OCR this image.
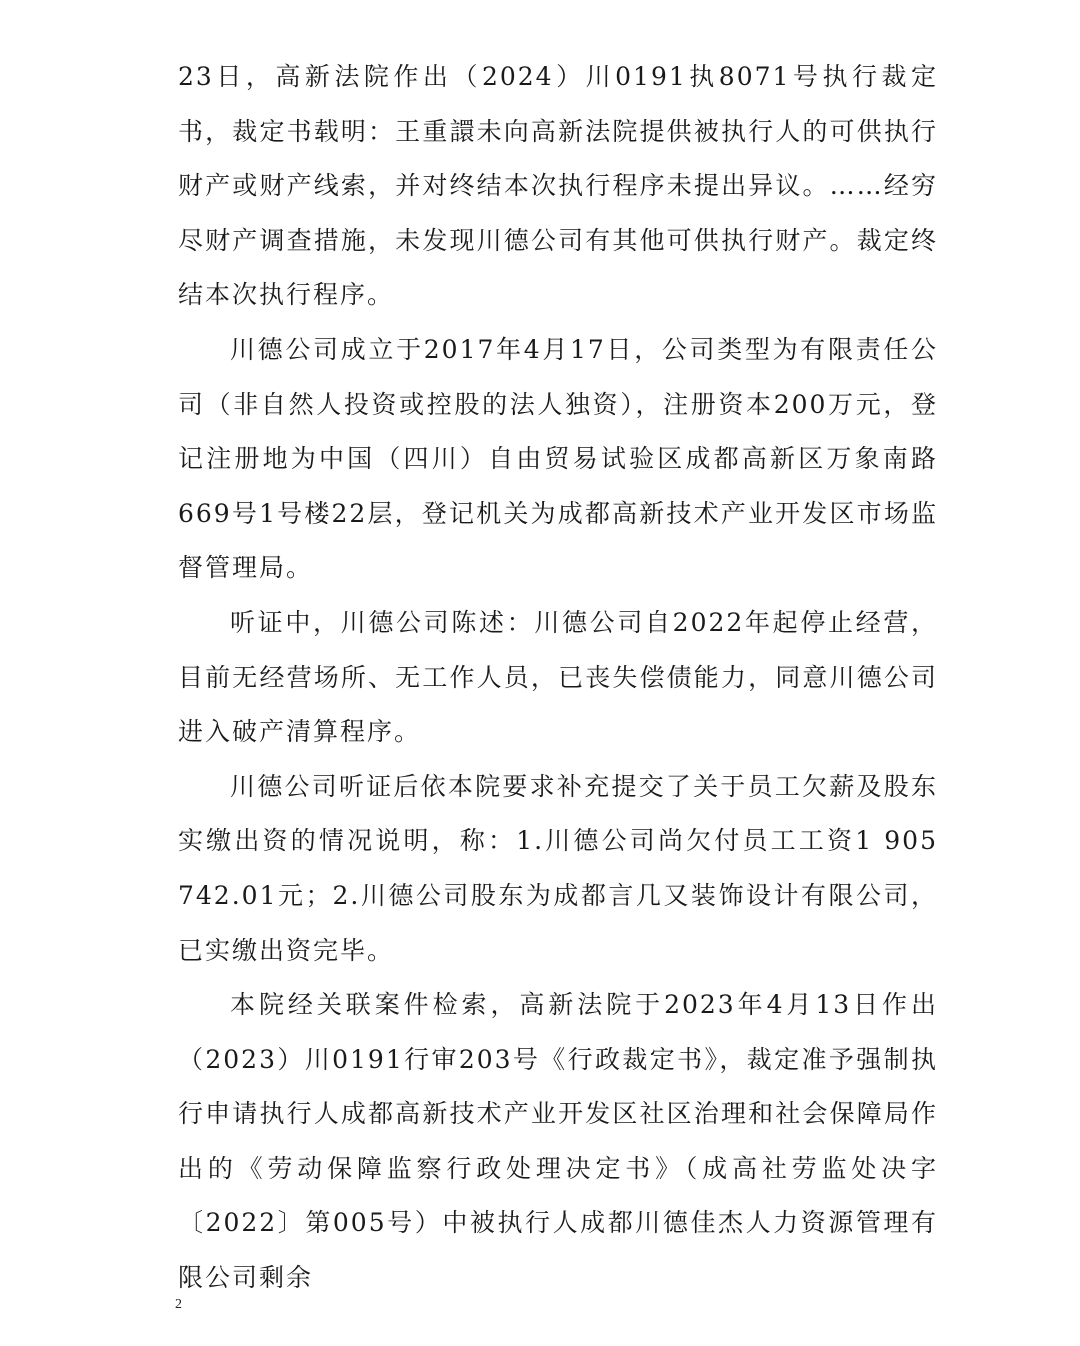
23日，高新法院作出（2024）川0191执8071号执行裁定书，裁定书载明：王重譞未向高新法院提供被执行人的可供执行财产或财产线索，并对终结本次执行程序未提出异议。……经穷尽财产调查措施，未发现川德公司有其他可供执行财产。裁定终结本次执行程序。

川德公司成立于2017年4月17日，公司类型为有限责任公司（非自然人投资或控股的法人独资），注册资本200万元，登记注册地为中国（四川）自由贸易试验区成都高新区万象南路669号1号楼22层，登记机关为成都高新技术产业开发区市场监督管理局。

听证中，川德公司陈述：川德公司自2022年起停止经营，目前无经营场所、无工作人员，已丧失偿债能力，同意川德公司进入破产清算程序。

川德公司听证后依本院要求补充提交了关于员工欠薪及股东实缴出资的情况说明，称：1.川德公司尚欠付员工工资1 905 742.01元；2.川德公司股东为成都言几又装饰设计有限公司，已实缴出资完毕。

本院经关联案件检索，高新法院于2023年4月13日作出（2023）川0191行审203号《行政裁定书》，裁定准予强制执行申请执行人成都高新技术产业开发区社区治理和社会保障局作出的《劳动保障监察行政处理决定书》（成高社劳监处决字〔2022〕第005号）中被执行人成都川德佳杰人力资源管理有限公司剩余

2
